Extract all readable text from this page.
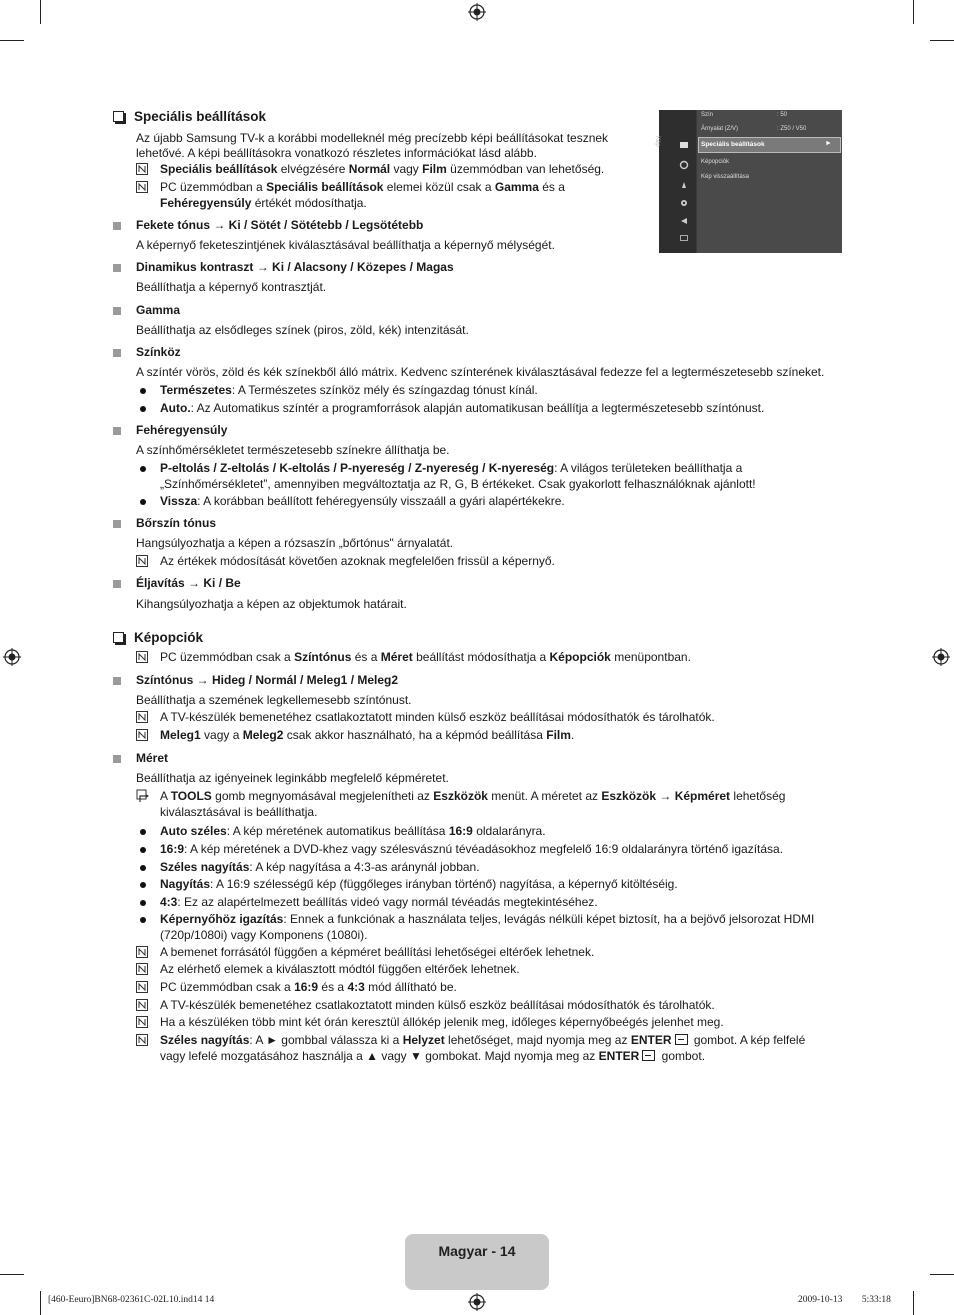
Kép
Szín	: 50
Árnyalat (Z/V)	: Z50 / V50
Speciális beállítások	►
Képopciók
Kép visszaállítása
Speciális beállítások
Az újabb Samsung TV-k a korábbi modelleknél még precízebb képi beállításokat tesznek
lehetővé. A képi beállításokra vonatkozó részletes információkat lásd alább.
Speciális beállítások elvégzésére Normál vagy Film üzemmódban van lehetőség.
PC üzemmódban a Speciális beállítások elemei közül csak a Gamma és a
Fehéregyensúly értékét módosíthatja.
Fekete tónus → Ki / Sötét / Sötétebb / Legsötétebb
A képernyő feketeszintjének kiválasztásával beállíthatja a képernyő mélységét.
Dinamikus kontraszt → Ki / Alacsony / Közepes / Magas
Beállíthatja a képernyő kontrasztját.
Gamma
Beállíthatja az elsődleges színek (piros, zöld, kék) intenzitását.
Színköz
A színtér vörös, zöld és kék színekből álló mátrix. Kedvenc színterének kiválasztásával fedezze fel a legtermészetesebb színeket.
Természetes: A Természetes színköz mély és színgazdag tónust kínál.
Auto.: Az Automatikus színtér a programforrások alapján automatikusan beállítja a legtermészetesebb színtónust.
Fehéregyensúly
A színhőmérsékletet természetesebb színekre állíthatja be.
P-eltolás / Z-eltolás / K-eltolás / P-nyereség / Z-nyereség / K-nyereség: A világos területeken beállíthatja a
„Színhőmérsékletet”, amennyiben megváltoztatja az R, G, B értékeket. Csak gyakorlott felhasználóknak ajánlott!
Vissza: A korábban beállított fehéregyensúly visszaáll a gyári alapértékekre.
Bőrszín tónus
Hangsúlyozhatja a képen a rózsaszín „bőrtónus" árnyalatát.
Az értékek módosítását követően azoknak megfelelően frissül a képernyő.
Éljavítás → Ki / Be
Kihangsúlyozhatja a képen az objektumok határait.
Képopciók
PC üzemmódban csak a Színtónus és a Méret beállítást módosíthatja a Képopciók menüpontban.
Színtónus → Hideg / Normál / Meleg1 / Meleg2
Beállíthatja a szemének legkellemesebb színtónust.
A TV-készülék bemenetéhez csatlakoztatott minden külső eszköz beállításai módosíthatók és tárolhatók.
Meleg1 vagy a Meleg2 csak akkor használható, ha a képmód beállítása Film.
Méret
Beállíthatja az igényeinek leginkább megfelelő képméretet.
A TOOLS gomb megnyomásával megjelenítheti az Eszközök menüt. A méretet az Eszközök → Képméret lehetőség
kiválasztásával is beállíthatja.
Auto széles: A kép méretének automatikus beállítása 16:9 oldalarányra.
16:9: A kép méretének a DVD-khez vagy szélesvásznú tévéadásokhoz megfelelő 16:9 oldalarányra történő igazítása.
Széles nagyítás: A kép nagyítása a 4:3-as aránynál jobban.
Nagyítás: A 16:9 szélességű kép (függőleges irányban történő) nagyítása, a képernyő kitöltéséig.
4:3: Ez az alapértelmezett beállítás videó vagy normál tévéadás megtekintéséhez.
Képernyőhöz igazítás: Ennek a funkciónak a használata teljes, levágás nélküli képet biztosít, ha a bejövő jelsorozat HDMI
(720p/1080i) vagy Komponens (1080i).
A bemenet forrásától függően a képméret beállítási lehetőségei eltérőek lehetnek.
Az elérhető elemek a kiválasztott módtól függően eltérőek lehetnek.
PC üzemmódban csak a 16:9 és a 4:3 mód állítható be.
A TV-készülék bemenetéhez csatlakoztatott minden külső eszköz beállításai módosíthatók és tárolhatók.
Ha a készüléken több mint két órán keresztül állókép jelenik meg, időleges képernyőbeégés jelenhet meg.
Széles nagyítás: A ► gombbal válassza ki a Helyzet lehetőséget, majd nyomja meg az ENTER
gombot. A kép felfelé
vagy lefelé mozgatásához használja a ▲ vagy ▼ gombokat. Majd nyomja meg az ENTER
gombot.
Magyar - 14
[460-Eeuro]BN68-02361C-02L10.ind14 14	2009-10-13 ￿￿ 5:33:18
